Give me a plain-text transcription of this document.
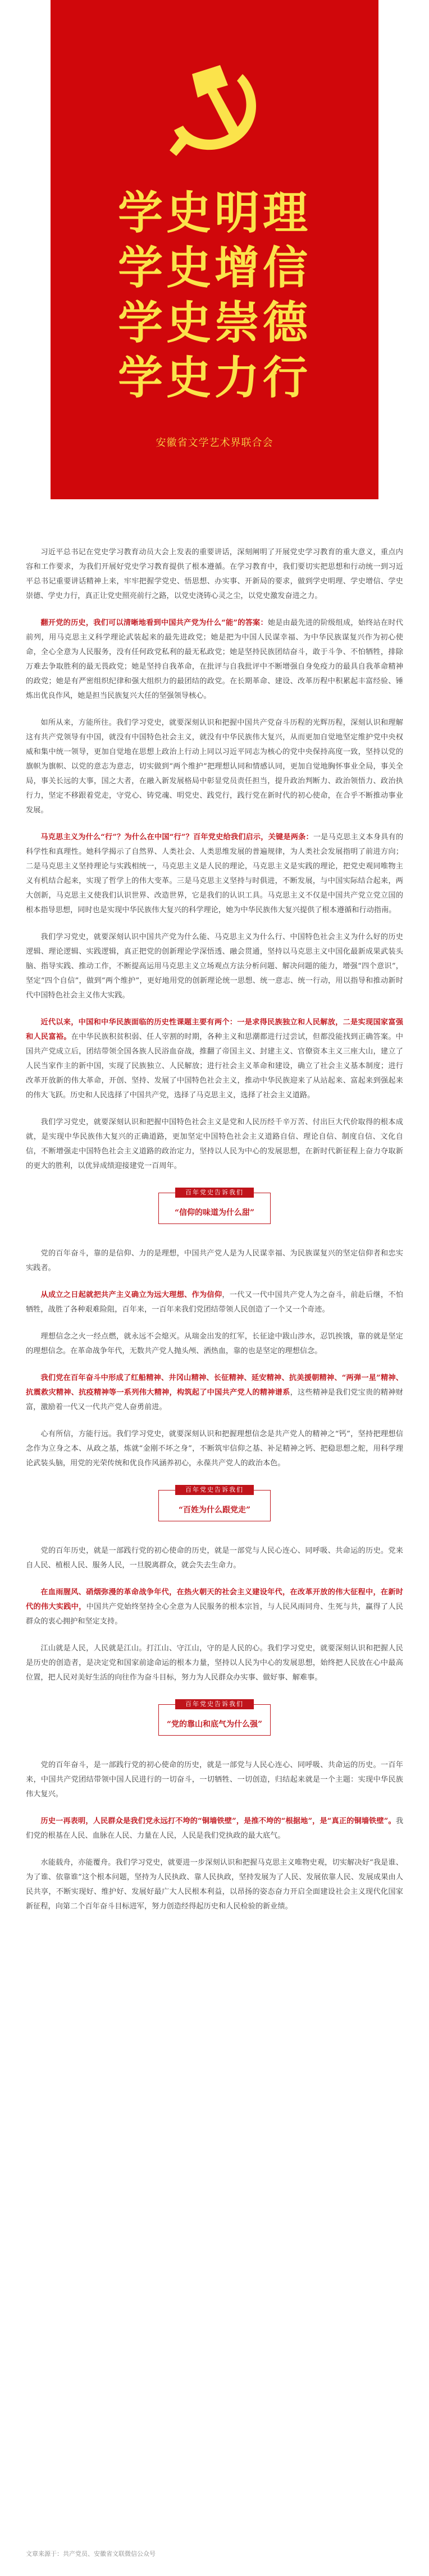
学史明理
学史增信
学史崇德
学史力行
安徽省文学艺术界联合会

习近平总书记在党史学习教育动员大会上发表的重要讲话，深刻阐明了开展党史学习教育的重大意义，重点内容和工作要求，为我们开展好党史学习教育提供了根本遵循。在学习教育中，我们要切实把思想和行动统一到习近平总书记重要讲话精神上来，牢牢把握学党史、悟思想、办实事、开新局的要求，做到学史明理、学史增信、学史崇德、学史力行，真正让党史照亮前行之路，以党史浇铸心灵之尘，以党史激发奋进之力。

翻开党的历史，我们可以清晰地看到中国共产党为什么“能”的答案：她是由最先进的阶级组成，始终站在时代前列，用马克思主义科学理论武装起来的最先进政党；她是把为中国人民谋幸福、为中华民族谋复兴作为初心使命，全心全意为人民服务，没有任何政党私利的最无私政党；她是坚持民族团结奋斗，敢于斗争、不怕牺牲，排除万难去争取胜利的最无畏政党；她是坚持自我革命，在批评与自我批评中不断增强自身免疫力的最具自我革命精神的政党；她是有严密组织纪律和强大组织力的最团结的政党。在长期革命、建设、改革历程中积累起丰富经验、锤炼出优良作风，她是担当民族复兴大任的坚强领导核心。

如所从来，方能所往。我们学习党史，就要深刻认识和把握中国共产党奋斗历程的光辉历程，深刻认识和理解这有共产党领导有中国，就没有中国特色社会主义，就没有中华民族伟大复兴，从而更加自觉地坚定维护党中央权威和集中统一领导，更加自觉地在思想上政治上行动上同以习近平同志为核心的党中央保持高度一致，坚持以党的旗帜为旗帜、以党的意志为意志，切实做到“两个维护”把理想认同和情感认同，更加自觉地胸怀事业全局，事关全局，事关长远的大事，国之大者，在融入新发展格局中彰显党员责任担当，提升政治判断力、政治领悟力、政治执行力，坚定不移跟着党走，守党心、铸党魂、明党史、践党行，践行党在新时代的初心使命，在合乎不断推动事业发展。

马克思主义为什么“行”？为什么在中国“行”？百年党史给我们启示，关键是两条：一是马克思主义本身具有的科学性和真理性。她科学揭示了自然界、人类社会、人类思维发展的普遍规律，为人类社会发展指明了前进方向；二是马克思主义坚持理论与实践相统一，马克思主义是人民的理论，马克思主义是实践的理论，把党史观同唯物主义有机结合起来，实现了哲学上的伟大变革。三是马克思主义坚持与时俱进，不断发展，与中国实际结合起来，两大创新，马克思主义使我们认识世界、改造世界，它是我们的认识工具。马克思主义不仅是中国共产党立党立国的根本指导思想，同时也是实现中华民族伟大复兴的科学理论，她为中华民族伟大复兴提供了根本遵循和行动指南。

我们学习党史，就要深刻认识中国共产党为什么能、马克思主义为什么行、中国特色社会主义为什么好的历史逻辑、理论逻辑、实践逻辑，真正把党的创新理论学深悟透、融会贯通，坚持以马克思主义中国化最新成果武装头脑、指导实践、推动工作，不断提高运用马克思主义立场观点方法分析问题、解决问题的能力，增强“四个意识”，坚定“四个自信”，做到“两个维护”，更好地用党的创新理论统一思想、统一意志、统一行动，用以指导和推动新时代中国特色社会主义伟大实践。

近代以来，中国和中华民族面临的历史性课题主要有两个：一是求得民族独立和人民解放，二是实现国家富强和人民富裕。在中华民族积贫积弱、任人宰割的时期，各种主义和思潮都进行过尝试，但都没能找到正确答案。中国共产党成立后，团结带领全国各族人民浴血奋战，推翻了帝国主义、封建主义、官僚资本主义三座大山，建立了人民当家作主的新中国，实现了民族独立、人民解放；进行社会主义革命和建设，确立了社会主义基本制度；进行改革开放新的伟大革命，开创、坚持、发展了中国特色社会主义，推动中华民族迎来了从站起来、富起来到强起来的伟大飞跃。历史和人民选择了中国共产党，选择了马克思主义，选择了社会主义道路。

我们学习党史，就要深刻认识和把握中国特色社会主义是党和人民历经千辛万苦、付出巨大代价取得的根本成就，是实现中华民族伟大复兴的正确道路，更加坚定中国特色社会主义道路自信、理论自信、制度自信、文化自信，不断增强走中国特色社会主义道路的政治定力，坚持以人民为中心的发展思想，在新时代新征程上奋力夺取新的更大的胜利，以优异成绩迎接建党一百周年。

百年党史告诉我们
“信仰的味道为什么甜”

党的百年奋斗，靠的是信仰、力的是理想，中国共产党人是为人民谋幸福、为民族谋复兴的坚定信仰者和忠实实践者。

从成立之日起就把共产主义确立为远大理想、作为信仰，一代又一代中国共产党人为之奋斗，前赴后继，不怕牺牲，战胜了各种艰难险阻，百年来，一百年来我们党团结带领人民创造了一个又一个奇迹。

理想信念之火一经点燃，就永远不会熄灭。从瑞金出发的红军，长征途中跋山涉水，忍饥挨饿，靠的就是坚定的理想信念。在革命战争年代，无数共产党人抛头颅、洒热血，靠的也是坚定的理想信念。

我们党在百年奋斗中形成了红船精神、井冈山精神、长征精神、延安精神、抗美援朝精神、“两弹一星”精神、抗震救灾精神、抗疫精神等一系列伟大精神，构筑起了中国共产党人的精神谱系，这些精神是我们党宝贵的精神财富，激励着一代又一代共产党人奋勇前进。

心有所信，方能行远。我们学习党史，就要深刻认识和把握理想信念是共产党人的精神之“钙”，坚持把理想信念作为立身之本、从政之基，炼就“金刚不坏之身”，不断筑牢信仰之基、补足精神之钙、把稳思想之舵，用科学理论武装头脑，用党的光荣传统和优良作风涵养初心，永葆共产党人的政治本色。

百年党史告诉我们
“百姓为什么跟党走”

党的百年历史，就是一部践行党的初心使命的历史，就是一部党与人民心连心、同呼吸、共命运的历史。党来自人民、植根人民、服务人民，一旦脱离群众，就会失去生命力。

在血雨腥风、硝烟弥漫的革命战争年代，在热火朝天的社会主义建设年代，在改革开放的伟大征程中，在新时代的伟大实践中，中国共产党始终坚持全心全意为人民服务的根本宗旨，与人民风雨同舟、生死与共，赢得了人民群众的衷心拥护和坚定支持。

江山就是人民，人民就是江山。打江山、守江山，守的是人民的心。我们学习党史，就要深刻认识和把握人民是历史的创造者，是决定党和国家前途命运的根本力量，坚持以人民为中心的发展思想，始终把人民放在心中最高位置，把人民对美好生活的向往作为奋斗目标，努力为人民群众办实事、做好事、解难事。

百年党史告诉我们
“党的靠山和底气为什么强”

党的百年奋斗，是一部践行党的初心使命的历史，就是一部党与人民心连心、同呼吸、共命运的历史。一百年来，中国共产党团结带领中国人民进行的一切奋斗，一切牺牲、一切创造，归结起来就是一个主题：实现中华民族伟大复兴。

历史一再表明，人民群众是我们党永远打不垮的“铜墙铁壁”，是推不垮的“根据地”，是“真正的铜墙铁壁”。我们党的根基在人民、血脉在人民、力量在人民，人民是我们党执政的最大底气。

水能载舟，亦能覆舟。我们学习党史，就要进一步深刻认识和把握马克思主义唯物史观，切实解决好“我是谁、为了谁、依靠谁”这个根本问题，坚持为人民执政、靠人民执政，坚持发展为了人民、发展依靠人民、发展成果由人民共享，不断实现好、维护好、发展好最广大人民根本利益，以昂扬的姿态奋力开启全面建设社会主义现代化国家新征程，向第二个百年奋斗目标进军，努力创造经得起历史和人民检验的新业绩。

文章来源于：共产党员、安徽省文联微信公众号
